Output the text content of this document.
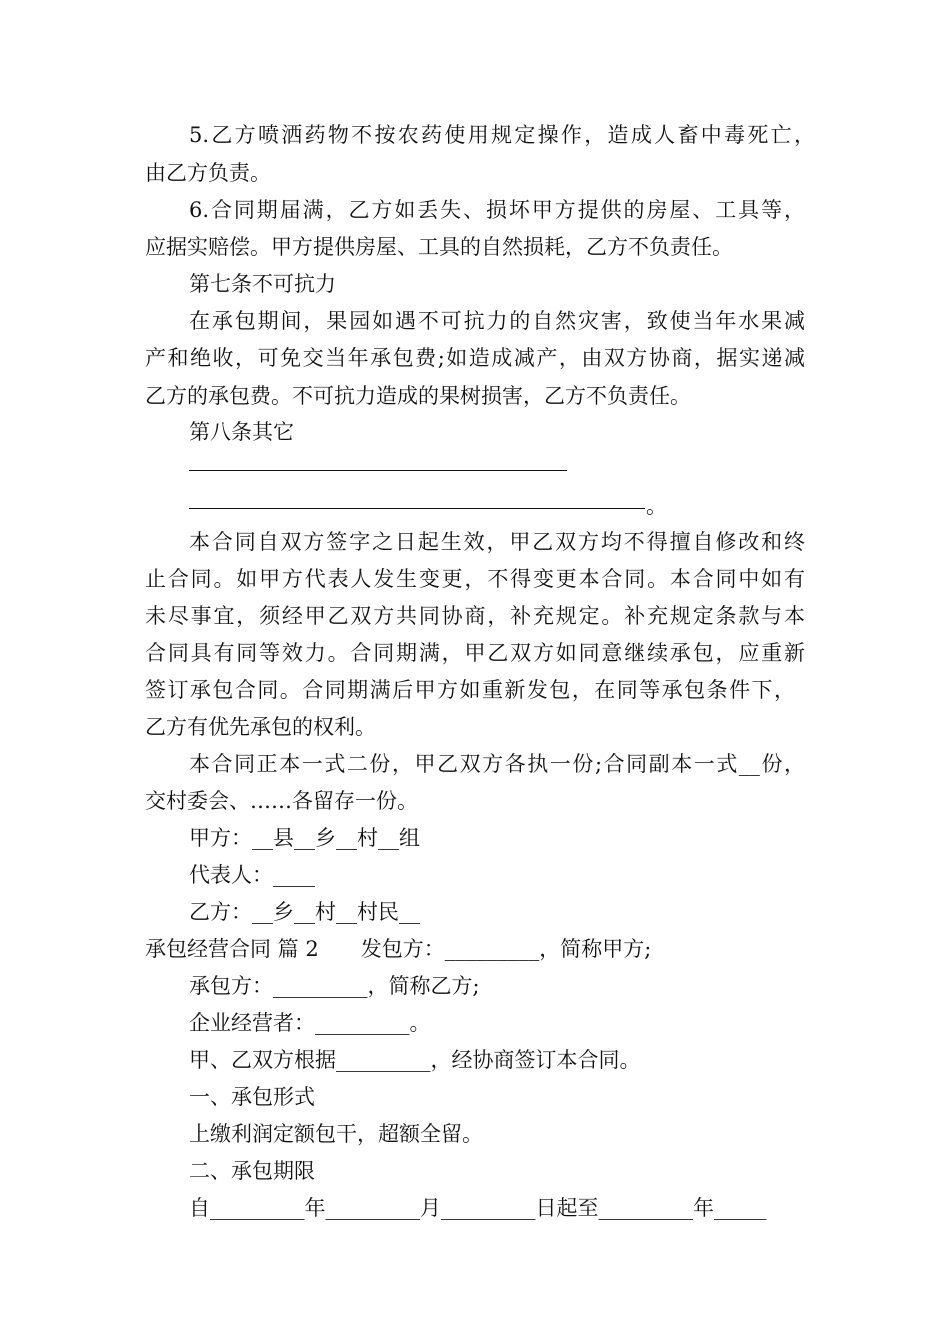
5.乙方喷洒药物不按农药使用规定操作，造成人畜中毒死亡，
由乙方负责。
6.合同期届满，乙方如丢失、损坏甲方提供的房屋、工具等，
应据实赔偿。甲方提供房屋、工具的自然损耗，乙方不负责任。
第七条不可抗力
在承包期间，果园如遇不可抗力的自然灾害，致使当年水果减
产和绝收，可免交当年承包费;如造成减产，由双方协商，据实递减
乙方的承包费。不可抗力造成的果树损害，乙方不负责任。
第八条其它
。
本合同自双方签字之日起生效，甲乙双方均不得擅自修改和终
止合同。如甲方代表人发生变更，不得变更本合同。本合同中如有
未尽事宜，须经甲乙双方共同协商，补充规定。补充规定条款与本
合同具有同等效力。合同期满，甲乙双方如同意继续承包，应重新
签订承包合同。合同期满后甲方如重新发包，在同等承包条件下，
乙方有优先承包的权利。
本合同正本一式二份，甲乙双方各执一份;合同副本一式__份，
交村委会、……各留存一份。
甲方：__县__乡__村__组
代表人：____
乙方：__乡__村__村民__
承包经营合同 篇 2　　发包方：_________，简称甲方;
承包方：_________，简称乙方;
企业经营者：_________。
甲、乙双方根据_________，经协商签订本合同。
一、承包形式
上缴利润定额包干，超额全留。
二、承包期限
自_________年_________月_________日起至_________年_____
